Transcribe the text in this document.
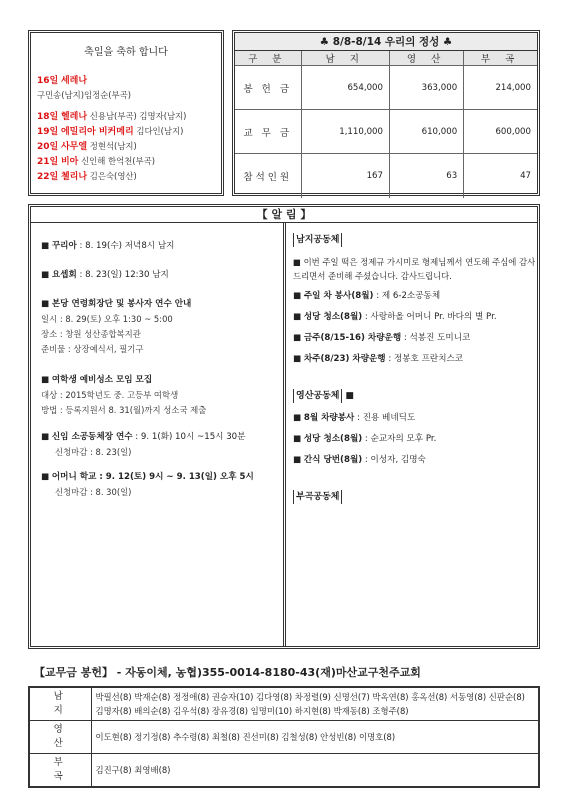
축일을 축하 합니다
16일 세레나
구민송(남지)임정순(부곡)
18일 헬레나 신용남(부곡) 김명자(남지)
19일 에밀리아 비커메리 김다인(남지)
20일 사무엘 정현석(남지)
21일 비아 신인해 한억천(부곡)
22일 첼리나 김은숙(영산)
♣ 8/8-8/14 우리의 정성 ♣
구 분	남 지	영 산	부 곡
봉 헌 금	654,000	363,000	214,000
교 무 금	1,110,000	610,000	600,000
참석인원	167	63	47
【 알 림 】
■ 꾸리아 : 8. 19(수) 저녁8시 남지
■ 요셉회 : 8. 23(일) 12:30 남지
■ 본당 연령회장단 및 봉사자 연수 안내
일시 : 8. 29(토) 오후 1:30 ~ 5:00
장소 : 창원 성산종합복지관
준비물 : 상장예식서, 필기구
■ 여학생 예비성소 모임 모집
대상 : 2015학년도 중. 고등부 여학생
방법 : 등록지원서 8. 31(월)까지 성소국 제출
■ 신임 소공동체장 연수 : 9. 1(화) 10시 ~15시 30분
신청마감 : 8. 23(일)
■ 어머니 학교 : 9. 12(토) 9시 ~ 9. 13(일) 오후 5시
신청마감 : 8. 30(일)
남지공동체
■ 이번 주일 떡은 정제규 가시미로 형제님께서 연도해 주심에 감사드리면서 준비해 주셨습니다. 감사드립니다.
■ 주일 차 봉사(8월) : 제 6-2소공동체
■ 성당 청소(8월) : 사랑하올 어머니 Pr. 바다의 별 Pr.
■ 금주(8/15-16) 차량운행 : 석봉진 도미니코
■ 차주(8/23) 차량운행 : 정봉호 프란치스코
영산공동체 ■
■ 8월 차량봉사 : 진용 베네딕도
■ 성당 청소(8월) : 순교자의 모후 Pr.
■ 간식 당번(8월) : 이성자, 김명숙
부곡공동체
【교무금 봉헌】 - 자동이체, 농협)355-0014-8180-43(재)마산교구천주교회
남 지	박필선(8) 박재순(8) 정정애(8) 권승자(10) 김다영(8) 차정렬(9) 신명선(7) 박옥연(8) 홍옥선(8) 서동영(8) 신판순(8) 김명자(8) 배의순(8) 김우석(8) 장유경(8) 임명미(10) 하지현(8) 박재동(8) 조형주(8)
영 산	이도현(8) 정기정(8) 추수령(8) 최철(8) 진선미(8) 김철성(8) 안성빈(8) 이명호(8)
부 곡	김진구(8) 최영배(8)
